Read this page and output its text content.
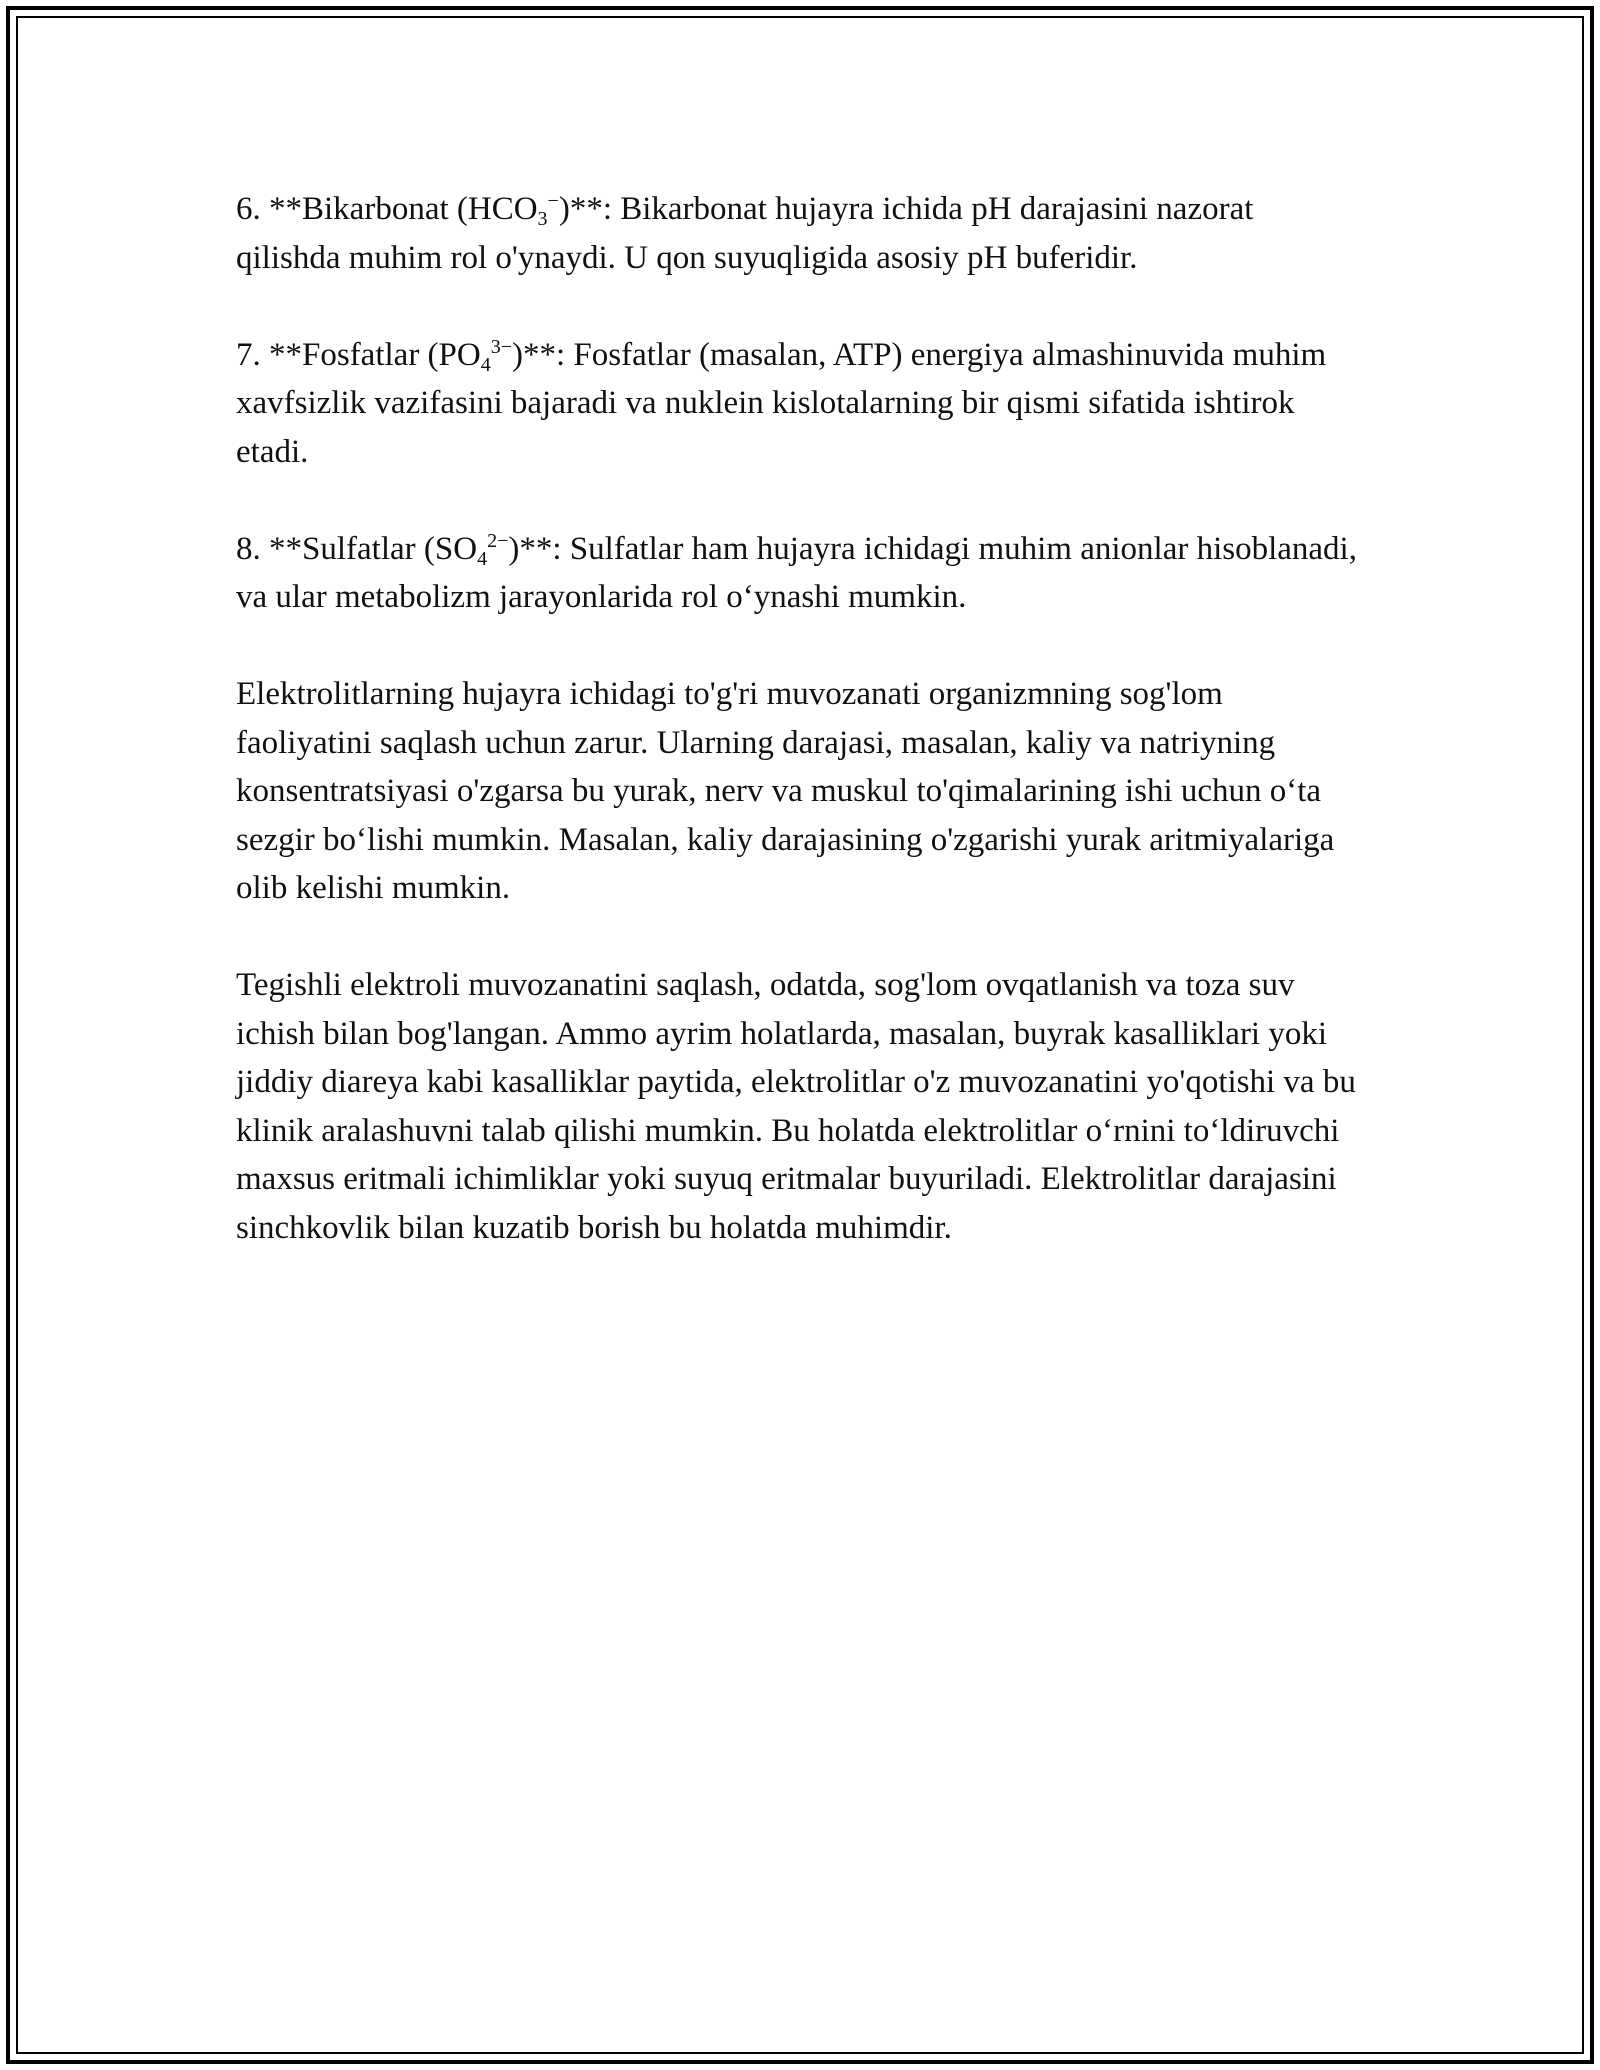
6. **Bikarbonat $(HCO_3^-)**$: Bikarbonat hujayra ichida pH darajasini nazorat qilishda muhim rol o'ynaydi. U qon suyuqligida asosiy pH buferidir.

7. **Fosfatlar $(PO_4^{3-})**$: Fosfatlar (masalan, ATP) energiya almashinuvida muhim xavfsizlik vazifasini bajaradi va nuklein kislotalarning bir qismi sifatida ishtirok etadi.

8. **Sulfatlar $(SO_4^{2-})**$: Sulfatlar ham hujayra ichidagi muhim anionlar hisoblanadi, va ular metabolizm jarayonlarida rol o‘ynashi mumkin.

Elektrolitlarning hujayra ichidagi to'g'ri muvozanati organizmning sog'lom faoliyatini saqlash uchun zarur. Ularning darajasi, masalan, kaliy va natriyning konsentratsiyasi o'zgarsa bu yurak, nerv va muskul to'qimalarining ishi uchun o‘ta sezgir bo‘lishi mumkin. Masalan, kaliy darajasining o'zgarishi yurak aritmiyalariga olib kelishi mumkin.

Tegishli elektroli muvozanatini saqlash, odatda, sog'lom ovqatlanish va toza suv ichish bilan bog'langan. Ammo ayrim holatlarda, masalan, buyrak kasalliklari yoki jiddiy diareya kabi kasalliklar paytida, elektrolitlar o'z muvozanatini yo'qotishi va bu klinik aralashuvni talab qilishi mumkin. Bu holatda elektrolitlar o‘rnini to‘ldiruvchi maxsus eritmali ichimliklar yoki suyuq eritmalar buyuriladi. Elektrolitlar darajasini sinchkovlik bilan kuzatib borish bu holatda muhimdir.
